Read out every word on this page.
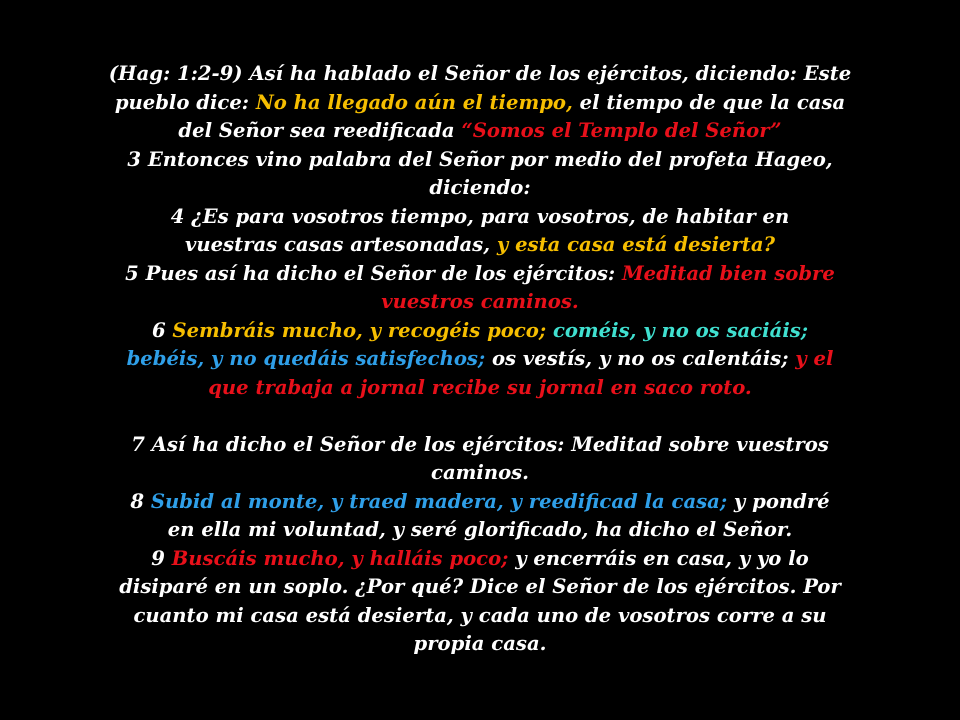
(Hag: 1:2-9) Así ha hablado el Señor de los ejércitos, diciendo: Este
pueblo dice: No ha llegado aún el tiempo, el tiempo de que la casa
del Señor sea reedificada “Somos el Templo del Señor”
3 Entonces vino palabra del Señor por medio del profeta Hageo,
diciendo:
4 ¿Es para vosotros tiempo, para vosotros, de habitar en
vuestras casas artesonadas, y esta casa está desierta?
5 Pues así ha dicho el Señor de los ejércitos: Meditad bien sobre
vuestros caminos.
6 Sembráis mucho, y recogéis poco; coméis, y no os saciáis;
bebéis, y no quedáis satisfechos; os vestís, y no os calentáis; y el
que trabaja a jornal recibe su jornal en saco roto.
7 Así ha dicho el Señor de los ejércitos: Meditad sobre vuestros
caminos.
8 Subid al monte, y traed madera, y reedificad la casa; y pondré
en ella mi voluntad, y seré glorificado, ha dicho el Señor.
9 Buscáis mucho, y halláis poco; y encerráis en casa, y yo lo
disiparé en un soplo. ¿Por qué? Dice el Señor de los ejércitos. Por
cuanto mi casa está desierta, y cada uno de vosotros corre a su
propia casa.
